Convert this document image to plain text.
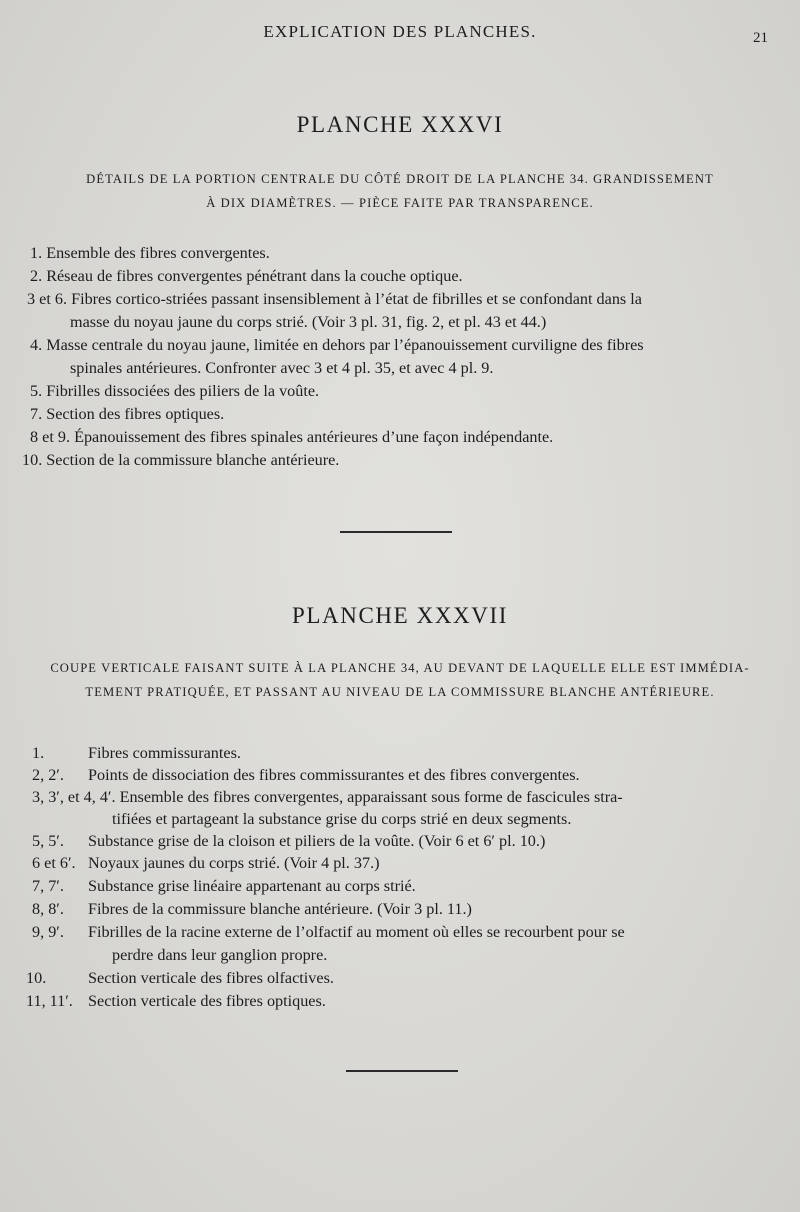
EXPLICATION DES PLANCHES.	21
PLANCHE XXXVI
DÉTAILS DE LA PORTION CENTRALE DU CÔTÉ DROIT DE LA PLANCHE 34. GRANDISSEMENT
À DIX DIAMÈTRES. — PIÈCE FAITE PAR TRANSPARENCE.
1. Ensemble des fibres convergentes.
2. Réseau de fibres convergentes pénétrant dans la couche optique.
3 et 6. Fibres cortico-striées passant insensiblement à l’état de fibrilles et se confondant dans la
masse du noyau jaune du corps strié. (Voir 3 pl. 31, fig. 2, et pl. 43 et 44.)
4. Masse centrale du noyau jaune, limitée en dehors par l’épanouissement curviligne des fibres
spinales antérieures. Confronter avec 3 et 4 pl. 35, et avec 4 pl. 9.
5. Fibrilles dissociées des piliers de la voûte.
7. Section des fibres optiques.
8 et 9. Épanouissement des fibres spinales antérieures d’une façon indépendante.
10. Section de la commissure blanche antérieure.
PLANCHE XXXVII
COUPE VERTICALE FAISANT SUITE À LA PLANCHE 34, AU DEVANT DE LAQUELLE ELLE EST IMMÉDIA-
TEMENT PRATIQUÉE, ET PASSANT AU NIVEAU DE LA COMMISSURE BLANCHE ANTÉRIEURE.
1.	Fibres commissurantes.
2, 2′. Points de dissociation des fibres commissurantes et des fibres convergentes.
3, 3′, et 4, 4′. Ensemble des fibres convergentes, apparaissant sous forme de fascicules stra-
tifiées et partageant la substance grise du corps strié en deux segments.
5, 5′. Substance grise de la cloison et piliers de la voûte. (Voir 6 et 6′ pl. 10.)
6 et 6′. Noyaux jaunes du corps strié. (Voir 4 pl. 37.)
7, 7′. Substance grise linéaire appartenant au corps strié.
8, 8′. Fibres de la commissure blanche antérieure. (Voir 3 pl. 11.)
9, 9′. Fibrilles de la racine externe de l’olfactif au moment où elles se recourbent pour se
perdre dans leur ganglion propre.
10.	Section verticale des fibres olfactives.
11, 11′. Section verticale des fibres optiques.
